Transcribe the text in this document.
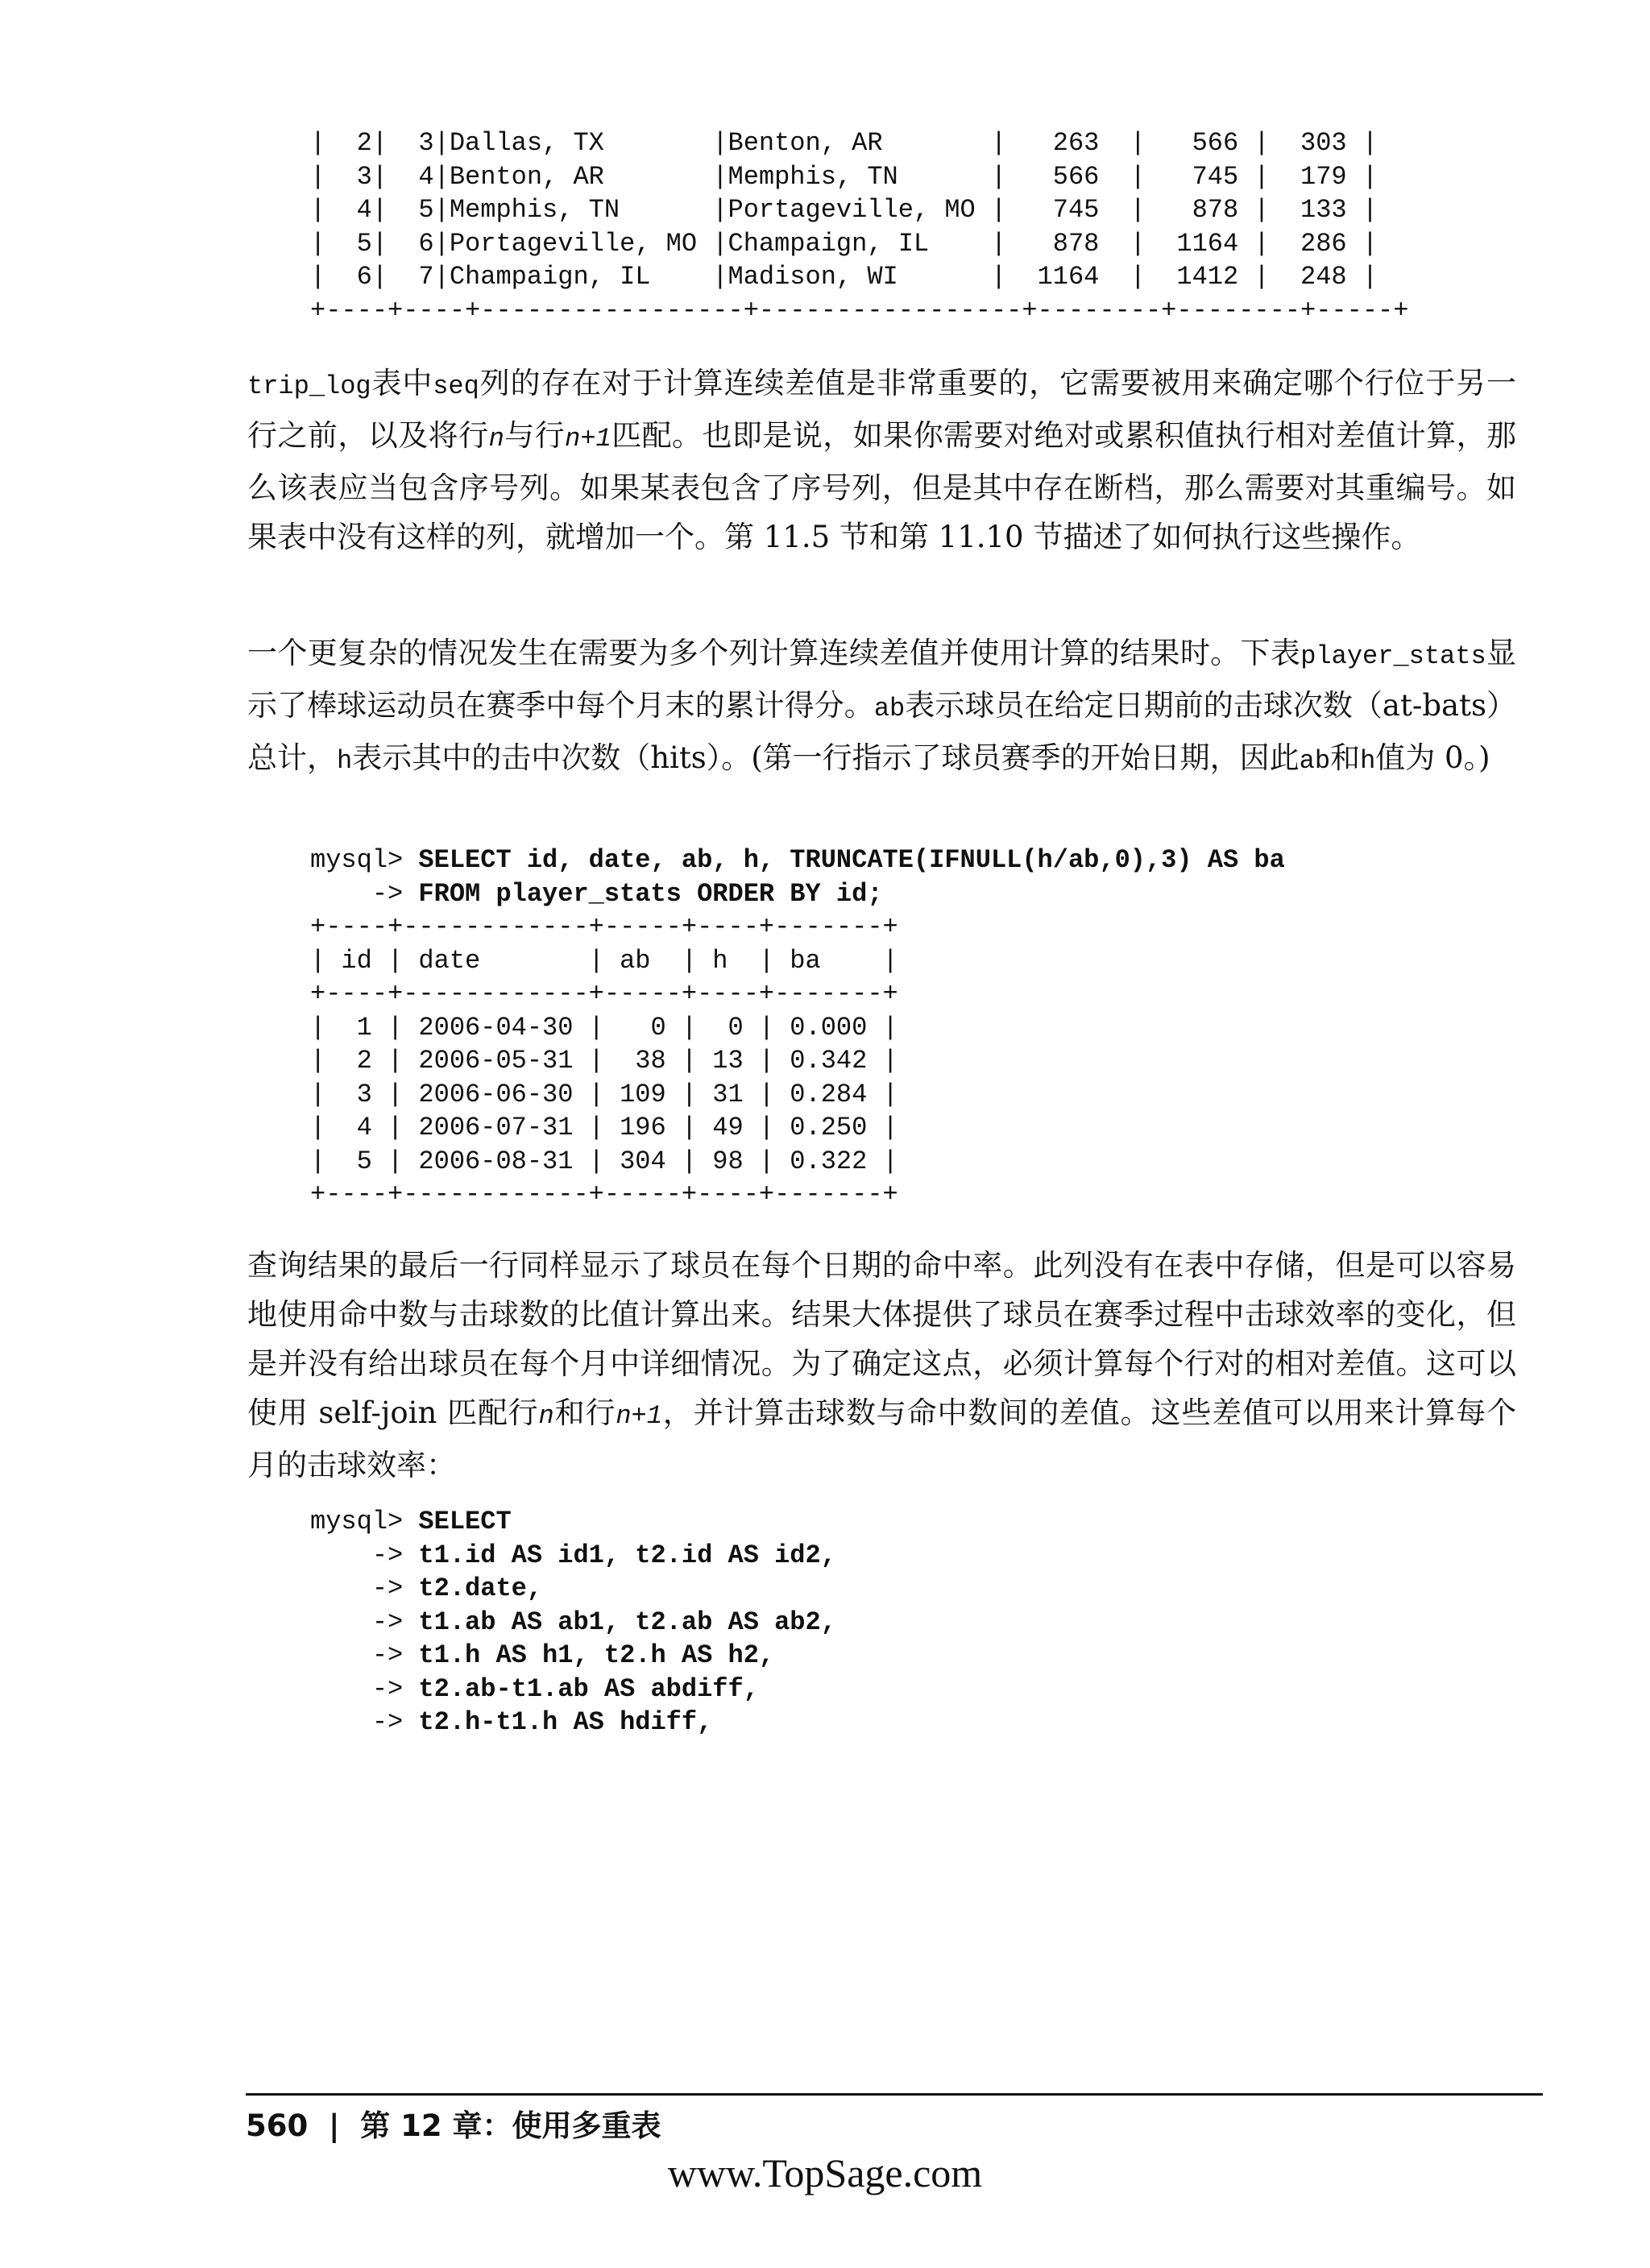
|  2|  3|Dallas, TX       |Benton, AR       |   263  |   566 |  303 |
|  3|  4|Benton, AR       |Memphis, TN      |   566  |   745 |  179 |
|  4|  5|Memphis, TN      |Portageville, MO |   745  |   878 |  133 |
|  5|  6|Portageville, MO |Champaign, IL    |   878  |  1164 |  286 |
|  6|  7|Champaign, IL    |Madison, WI      |  1164  |  1412 |  248 |
+----+----+-----------------+-----------------+--------+--------+-----+

trip_log表中seq列的存在对于计算连续差值是非常重要的，它需要被用来确定哪个行位于另一行之前，以及将行n与行n+1匹配。也即是说，如果你需要对绝对或累积值执行相对差值计算，那么该表应当包含序号列。如果某表包含了序号列，但是其中存在断档，那么需要对其重编号。如果表中没有这样的列，就增加一个。第 11.5 节和第 11.10 节描述了如何执行这些操作。

一个更复杂的情况发生在需要为多个列计算连续差值并使用计算的结果时。下表player_stats显示了棒球运动员在赛季中每个月末的累计得分。ab表示球员在给定日期前的击球次数（at-bats）总计，h表示其中的击中次数（hits）。(第一行指示了球员赛季的开始日期，因此ab和h值为 0。)

mysql> SELECT id, date, ab, h, TRUNCATE(IFNULL(h/ab,0),3) AS ba
-> FROM player_stats ORDER BY id;
+----+------------+-----+----+-------+
| id | date       | ab  | h  | ba    |
+----+------------+-----+----+-------+
|  1 | 2006-04-30 |   0 |  0 | 0.000 |
|  2 | 2006-05-31 |  38 | 13 | 0.342 |
|  3 | 2006-06-30 | 109 | 31 | 0.284 |
|  4 | 2006-07-31 | 196 | 49 | 0.250 |
|  5 | 2006-08-31 | 304 | 98 | 0.322 |
+----+------------+-----+----+-------+

查询结果的最后一行同样显示了球员在每个日期的命中率。此列没有在表中存储，但是可以容易地使用命中数与击球数的比值计算出来。结果大体提供了球员在赛季过程中击球效率的变化，但是并没有给出球员在每个月中详细情况。为了确定这点，必须计算每个行对的相对差值。这可以使用 self-join 匹配行n和行n+1，并计算击球数与命中数间的差值。这些差值可以用来计算每个月的击球效率：

mysql> SELECT
-> t1.id AS id1, t2.id AS id2,
-> t2.date,
-> t1.ab AS ab1, t2.ab AS ab2,
-> t1.h AS h1, t2.h AS h2,
-> t2.ab-t1.ab AS abdiff,
-> t2.h-t1.h AS hdiff,
560 | 第 12 章：使用多重表
www.TopSage.com
